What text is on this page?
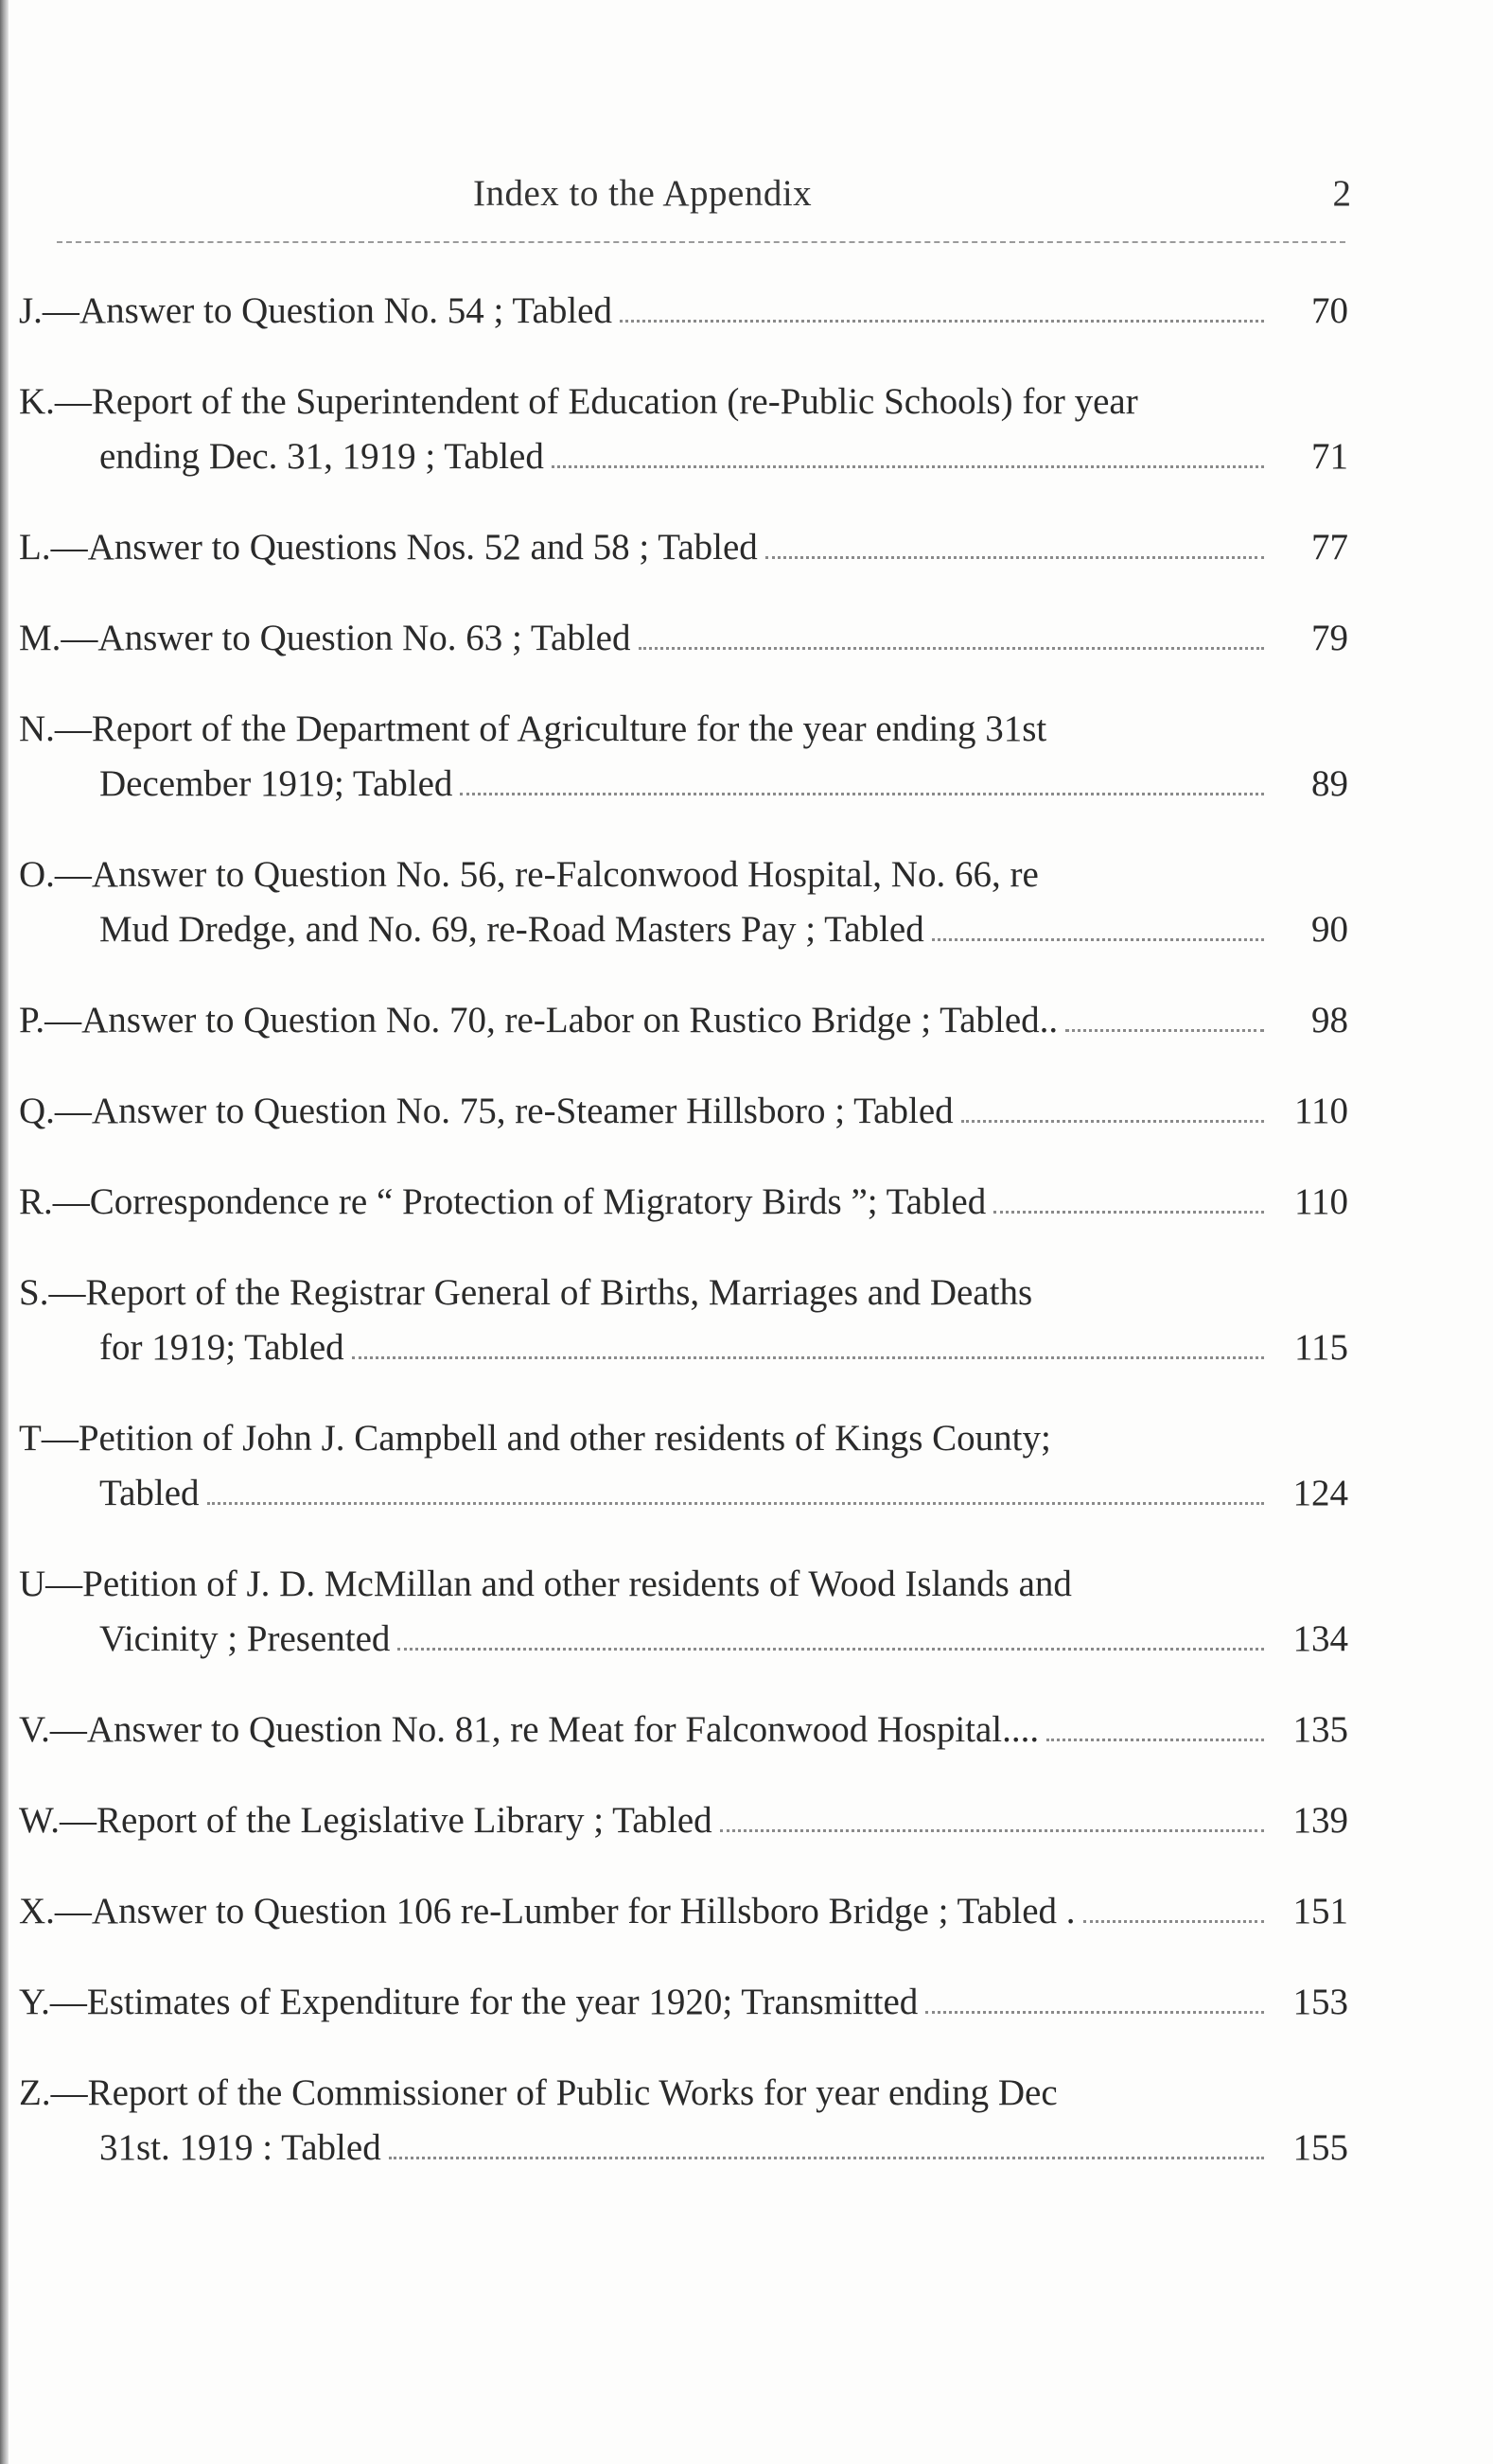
Index to the Appendix	2
J.—Answer to Question No. 54 ; Tabled	70
K.—Report of the Superintendent of Education (re-Public Schools) for year
ending Dec. 31, 1919 ; Tabled	71
L.—Answer to Questions Nos. 52 and 58 ; Tabled	77
M.—Answer to Question No. 63 ; Tabled	79
N.—Report of the Department of Agriculture for the year ending 31st
December 1919; Tabled	89
O.—Answer to Question No. 56, re-Falconwood Hospital, No. 66, re
Mud Dredge, and No. 69, re-Road Masters Pay ; Tabled	90
P.—Answer to Question No. 70, re-Labor on Rustico Bridge ; Tabled..	98
Q.—Answer to Question No. 75, re-Steamer Hillsboro ; Tabled	110
R.—Correspondence re “ Protection of Migratory Birds ”; Tabled	110
S.—Report of the Registrar General of Births, Marriages and Deaths
for 1919; Tabled	115
T—Petition of John J. Campbell and other residents of Kings County;
Tabled	124
U—Petition of J. D. McMillan and other residents of Wood Islands and
Vicinity ; Presented	134
V.—Answer to Question No. 81, re Meat for Falconwood Hospital....	135
W.—Report of the Legislative Library ; Tabled	139
X.—Answer to Question 106 re-Lumber for Hillsboro Bridge ; Tabled .	151
Y.—Estimates of Expenditure for the year 1920; Transmitted	153
Z.—Report of the Commissioner of Public Works for year ending Dec
31st. 1919 : Tabled	155
